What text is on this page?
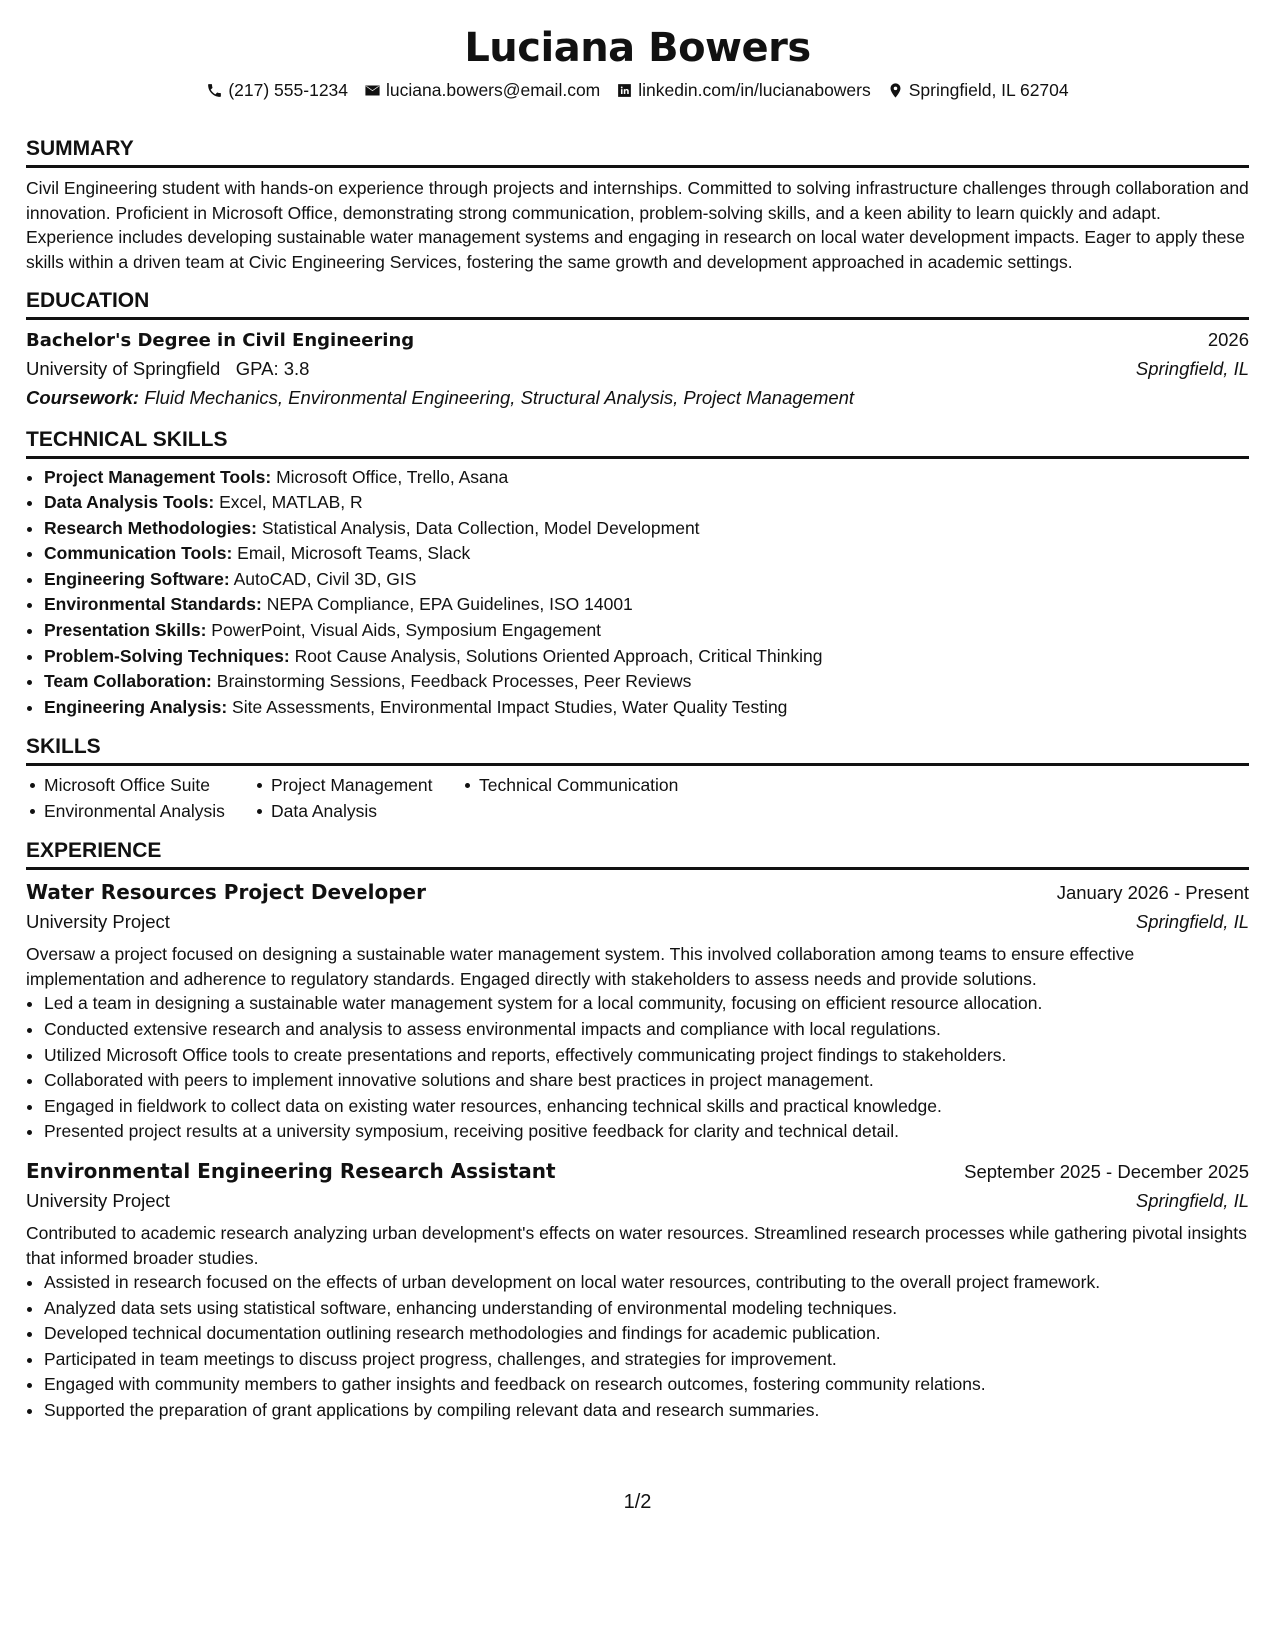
Luciana Bowers
(217) 555-1234 luciana.bowers@email.com linkedin.com/in/lucianabowers Springfield, IL 62704
SUMMARY

Civil Engineering student with hands-on experience through projects and internships. Committed to solving infrastructure challenges through collaboration and innovation. Proficient in Microsoft Office, demonstrating strong communication, problem-solving skills, and a keen ability to learn quickly and adapt. Experience includes developing sustainable water management systems and engaging in research on local water development impacts. Eager to apply these skills within a driven team at Civic Engineering Services, fostering the same growth and development approached in academic settings.

EDUCATION
Bachelor's Degree in Civil Engineering	2026
University of Springfield GPA: 3.8	Springfield, IL
Coursework: Fluid Mechanics, Environmental Engineering, Structural Analysis, Project Management
TECHNICAL SKILLS
• Project Management Tools: Microsoft Office, Trello, Asana
• Data Analysis Tools: Excel, MATLAB, R
• Research Methodologies: Statistical Analysis, Data Collection, Model Development
• Communication Tools: Email, Microsoft Teams, Slack
• Engineering Software: AutoCAD, Civil 3D, GIS
• Environmental Standards: NEPA Compliance, EPA Guidelines, ISO 14001
• Presentation Skills: PowerPoint, Visual Aids, Symposium Engagement
• Problem-Solving Techniques: Root Cause Analysis, Solutions Oriented Approach, Critical Thinking
• Team Collaboration: Brainstorming Sessions, Feedback Processes, Peer Reviews
• Engineering Analysis: Site Assessments, Environmental Impact Studies, Water Quality Testing
SKILLS
Microsoft Office Suite	Project Management	Technical Communication
Environmental Analysis	Data Analysis
EXPERIENCE
Water Resources Project Developer	January 2026 - Present
University Project	Springfield, IL

Oversaw a project focused on designing a sustainable water management system. This involved collaboration among teams to ensure effective implementation and adherence to regulatory standards. Engaged directly with stakeholders to assess needs and provide solutions.

• Led a team in designing a sustainable water management system for a local community, focusing on efficient resource allocation.
• Conducted extensive research and analysis to assess environmental impacts and compliance with local regulations.
• Utilized Microsoft Office tools to create presentations and reports, effectively communicating project findings to stakeholders.
• Collaborated with peers to implement innovative solutions and share best practices in project management.
• Engaged in fieldwork to collect data on existing water resources, enhancing technical skills and practical knowledge.
• Presented project results at a university symposium, receiving positive feedback for clarity and technical detail.
Environmental Engineering Research Assistant	September 2025 - December 2025
University Project	Springfield, IL

Contributed to academic research analyzing urban development's effects on water resources. Streamlined research processes while gathering pivotal insights that informed broader studies.

• Assisted in research focused on the effects of urban development on local water resources, contributing to the overall project framework.
• Analyzed data sets using statistical software, enhancing understanding of environmental modeling techniques.
• Developed technical documentation outlining research methodologies and findings for academic publication.
• Participated in team meetings to discuss project progress, challenges, and strategies for improvement.
• Engaged with community members to gather insights and feedback on research outcomes, fostering community relations.
• Supported the preparation of grant applications by compiling relevant data and research summaries.
1/2
